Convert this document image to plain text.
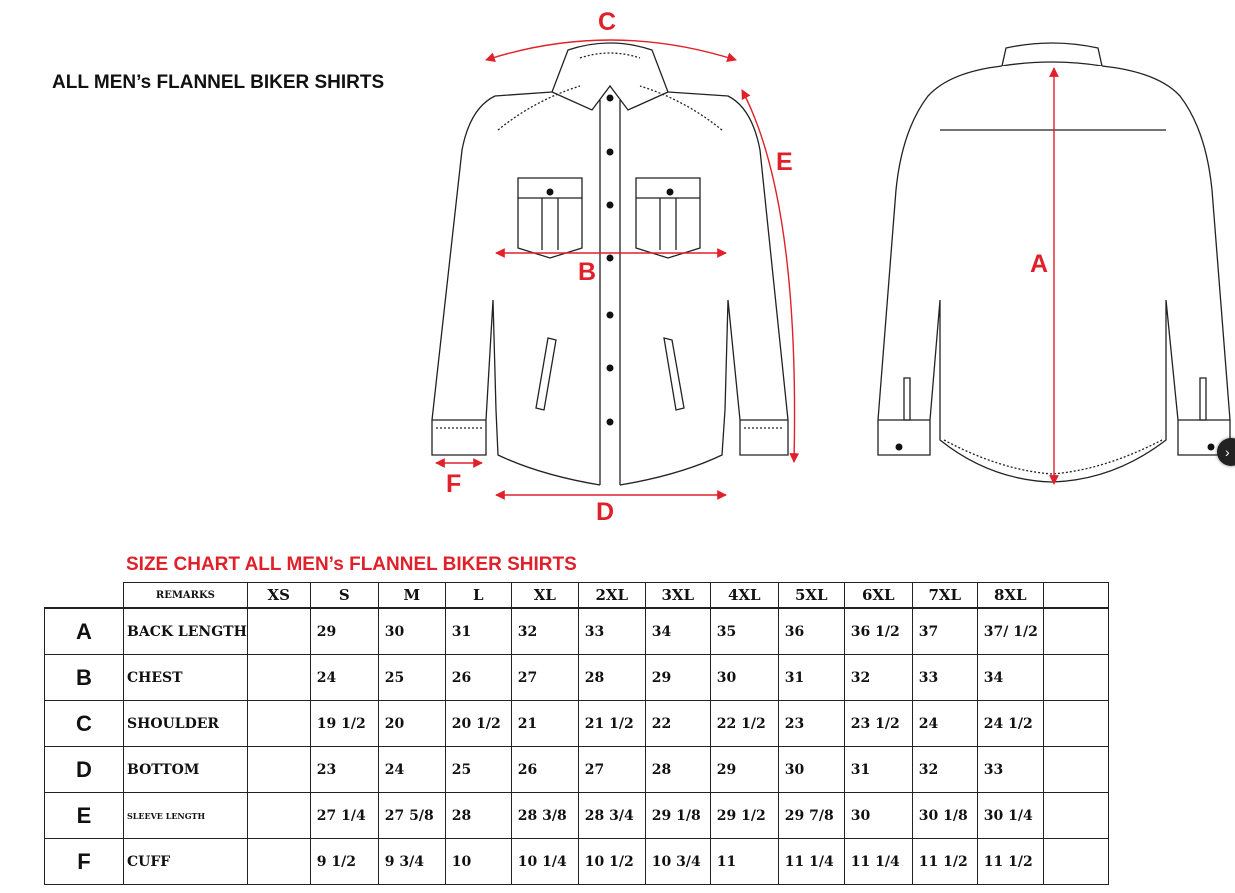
ALL MEN’s FLANNEL BIKER SHIRTS
C
B
D
E
F
A
›
SIZE CHART ALL MEN’s FLANNEL BIKER SHIRTS
	REMARKS	XS	S	M	L	XL	2XL	3XL	4XL	5XL	6XL	7XL	8XL	
A	BACK LENGTH		29	30	31	32	33	34	35	36	36 1/2	37	37/ 1/2	
B	CHEST		24	25	26	27	28	29	30	31	32	33	34	
C	SHOULDER		19 1/2	20	20 1/2	21	21 1/2	22	22 1/2	23	23 1/2	24	24 1/2	
D	BOTTOM		23	24	25	26	27	28	29	30	31	32	33	
E	SLEEVE LENGTH		27 1/4	27 5/8	28	28 3/8	28 3/4	29 1/8	29 1/2	29 7/8	30	30 1/8	30 1/4	
F	CUFF		9 1/2	9 3/4	10	10 1/4	10 1/2	10 3/4	11	11 1/4	11 1/4	11 1/2	11 1/2	
